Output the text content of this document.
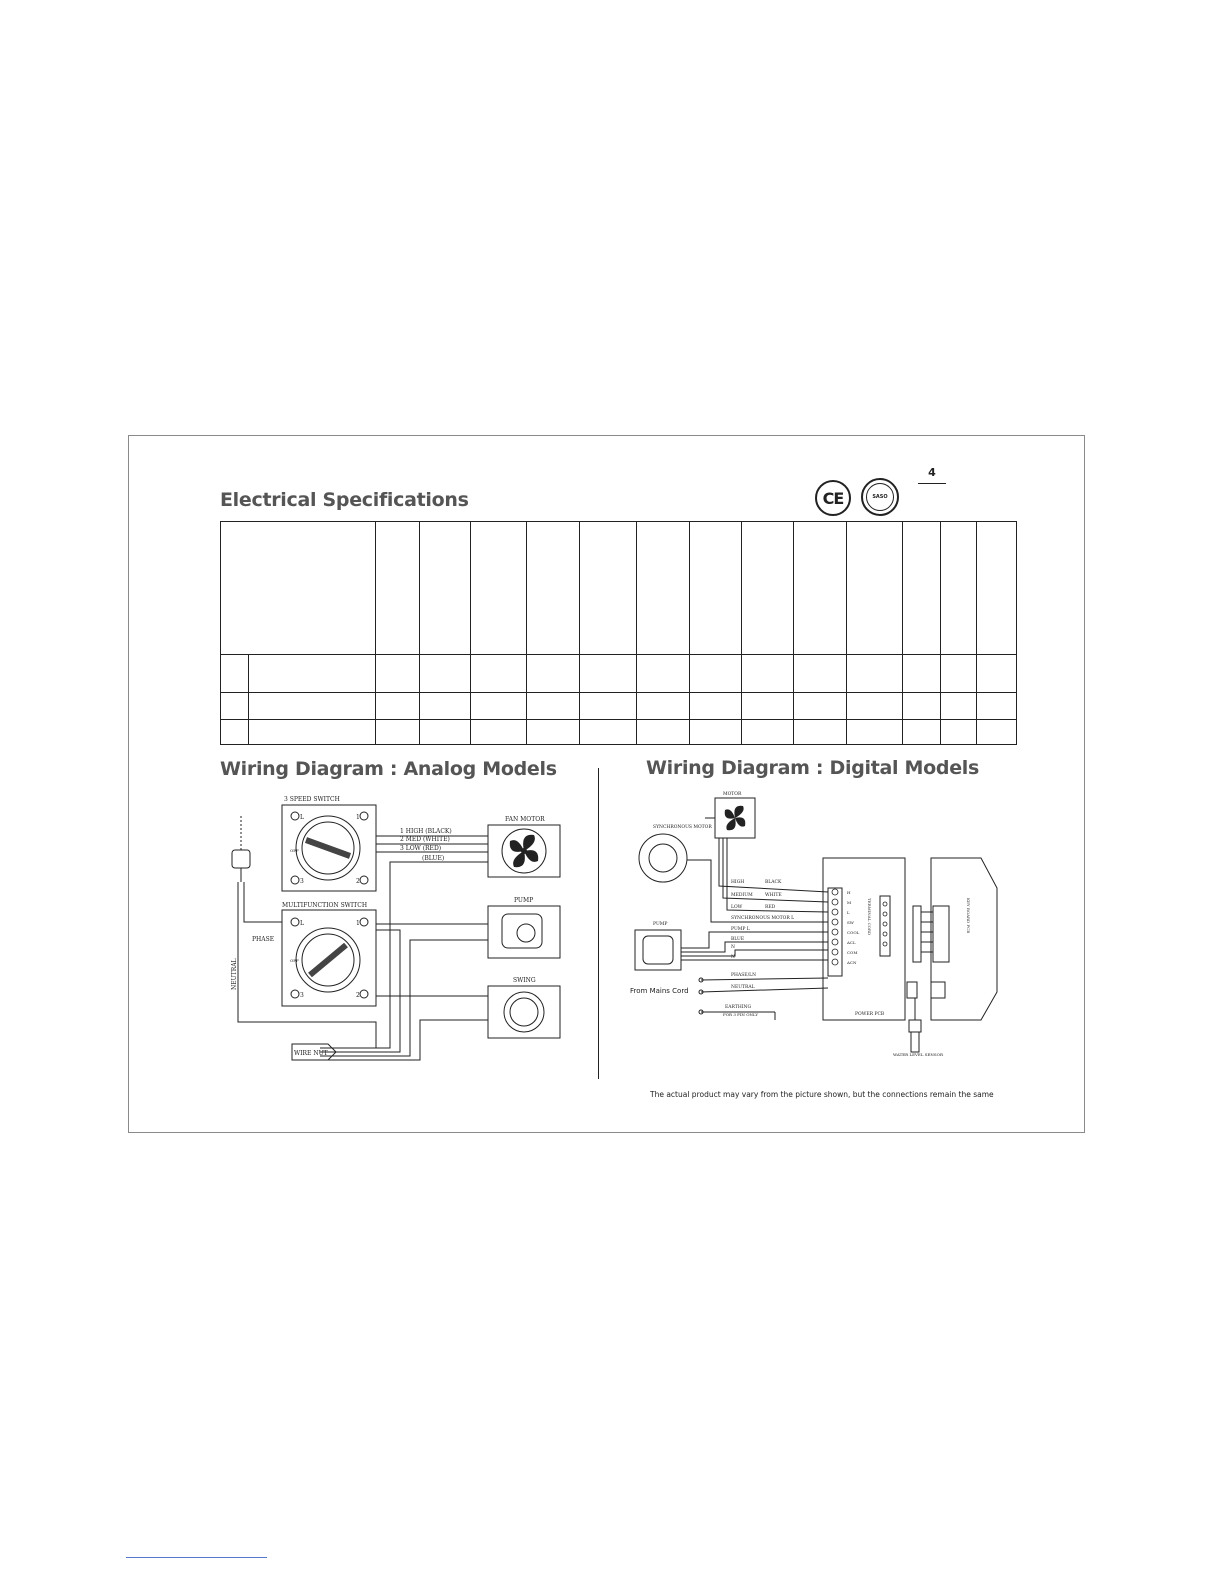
Electrical Specifications	CE	SASO
4

Wiring Diagram : Analog Models	Wiring Diagram : Digital Models
3 SPEED SWITCH
MULTIFUNCTION SWITCH
FAN MOTOR
PUMP
SWING
1 HIGH (BLACK)
2 MED (WHITE)
3 LOW (RED)
(BLUE)
PHASE
NEUTRAL
WIRE NUT
L	1
3	2
L	1
3	2
OFF
OFF
MOTOR
SYNCHRONOUS MOTOR
PUMP
HIGH	BLACK
MEDIUM	WHITE
LOW	RED
SYNCHRONOUS MOTOR L
PUMP L
BLUE
N
N
PHASE/LN
NEUTRAL
EARTHING
FOR 3 PIN ONLY	POWER PCB
WATER LEVEL SENSOR
TERMINAL CORD	KEY BOARD PCB
H
M
L
SW
COOL
ACL
COM
ACN
From Mains Cord
The actual product may vary from the picture shown, but the connections remain the same
